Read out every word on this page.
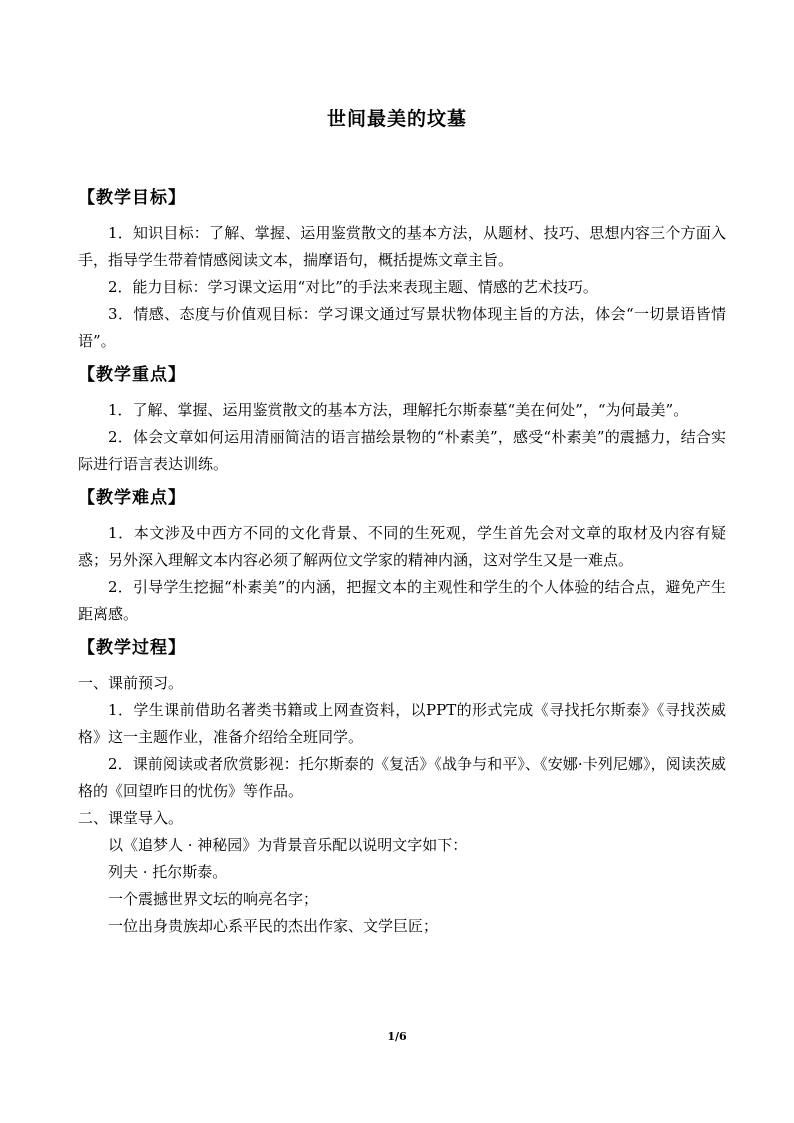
世间最美的坟墓
【教学目标】

1．知识目标：了解、掌握、运用鉴赏散文的基本方法，从题材、技巧、思想内容三个方面入手，指导学生带着情感阅读文本，揣摩语句，概括提炼文章主旨。

2．能力目标：学习课文运用“对比”的手法来表现主题、情感的艺术技巧。

3．情感、态度与价值观目标：学习课文通过写景状物体现主旨的方法，体会“一切景语皆情语”。

【教学重点】

1．了解、掌握、运用鉴赏散文的基本方法，理解托尔斯泰墓“美在何处”，“为何最美”。

2．体会文章如何运用清丽简洁的语言描绘景物的“朴素美”，感受“朴素美”的震撼力，结合实际进行语言表达训练。

【教学难点】

1．本文涉及中西方不同的文化背景、不同的生死观，学生首先会对文章的取材及内容有疑惑；另外深入理解文本内容必须了解两位文学家的精神内涵，这对学生又是一难点。

2．引导学生挖掘“朴素美”的内涵，把握文本的主观性和学生的个人体验的结合点，避免产生距离感。

【教学过程】

一、课前预习。

1．学生课前借助名著类书籍或上网查资料，以PPT的形式完成《寻找托尔斯泰》《寻找茨威格》这一主题作业，准备介绍给全班同学。

2．课前阅读或者欣赏影视：托尔斯泰的《复活》《战争与和平》、《安娜·卡列尼娜》，阅读茨威格的《回望昨日的忧伤》等作品。

二、课堂导入。

以《追梦人 · 神秘园》为背景音乐配以说明文字如下：

列夫 · 托尔斯泰。

一个震撼世界文坛的响亮名字；

一位出身贵族却心系平民的杰出作家、文学巨匠；

1/6
